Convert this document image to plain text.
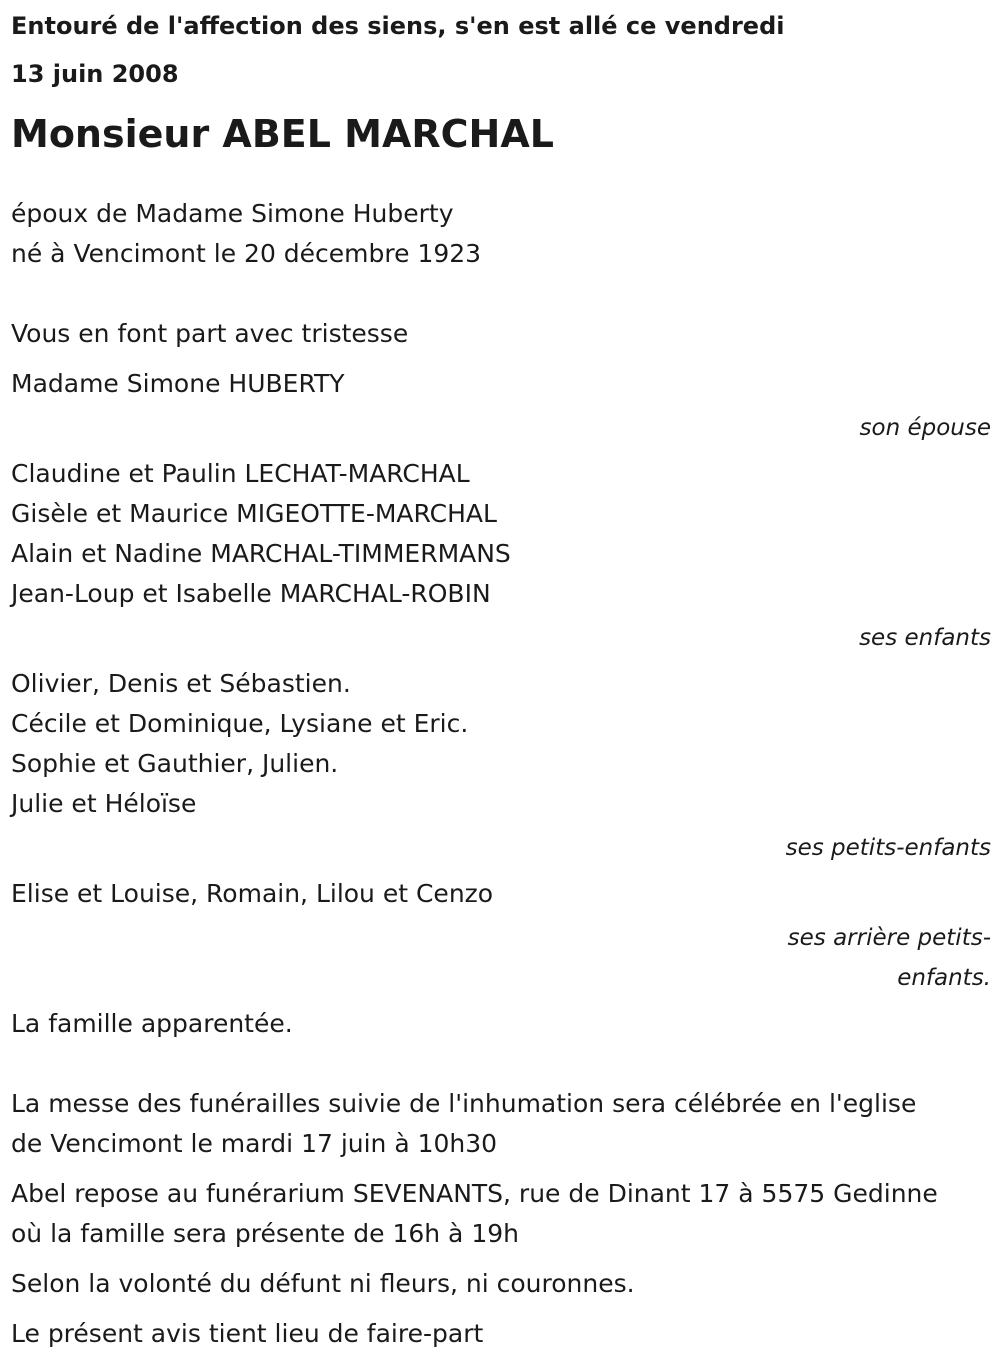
Entouré de l'affection des siens, s'en est allé ce vendredi
13 juin 2008
Monsieur ABEL MARCHAL
époux de Madame Simone Huberty
né à Vencimont le 20 décembre 1923
Vous en font part avec tristesse
Madame Simone HUBERTY
son épouse
Claudine et Paulin LECHAT-MARCHAL
Gisèle et Maurice MIGEOTTE-MARCHAL
Alain et Nadine MARCHAL-TIMMERMANS
Jean-Loup et Isabelle MARCHAL-ROBIN
ses enfants
Olivier, Denis et Sébastien.
Cécile et Dominique, Lysiane et Eric.
Sophie et Gauthier, Julien.
Julie et Héloïse
ses petits-enfants
Elise et Louise, Romain, Lilou et Cenzo
ses arrière petits-
enfants.
La famille apparentée.
La messe des funérailles suivie de l'inhumation sera célébrée en l'eglise
de Vencimont le mardi 17 juin à 10h30
Abel repose au funérarium SEVENANTS, rue de Dinant 17 à 5575 Gedinne
où la famille sera présente de 16h à 19h
Selon la volonté du défunt ni fleurs, ni couronnes.
Le présent avis tient lieu de faire-part
